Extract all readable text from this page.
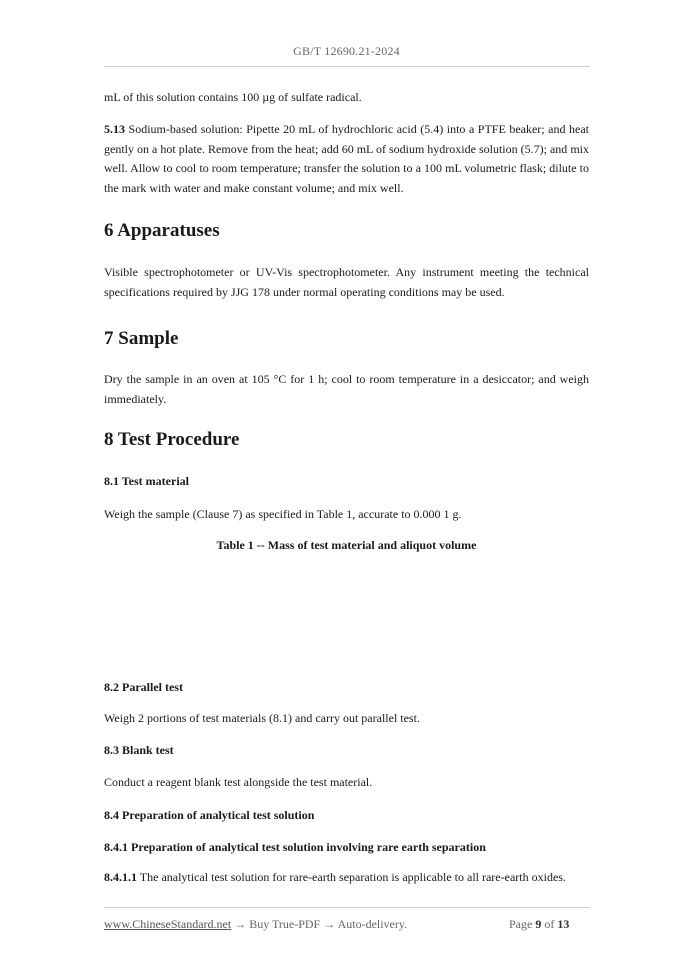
GB/T 12690.21-2024

mL of this solution contains 100 µg of sulfate radical.

5.13 Sodium-based solution: Pipette 20 mL of hydrochloric acid (5.4) into a PTFE beaker; and heat gently on a hot plate. Remove from the heat; add 60 mL of sodium hydroxide solution (5.7); and mix well. Allow to cool to room temperature; transfer the solution to a 100 mL volumetric flask; dilute to the mark with water and make constant volume; and mix well.

6 Apparatuses

Visible spectrophotometer or UV-Vis spectrophotometer. Any instrument meeting the technical specifications required by JJG 178 under normal operating conditions may be used.

7 Sample

Dry the sample in an oven at 105 °C for 1 h; cool to room temperature in a desiccator; and weigh immediately.

8 Test Procedure
8.1 Test material

Weigh the sample (Clause 7) as specified in Table 1, accurate to 0.000 1 g.

Table 1 -- Mass of test material and aliquot volume

8.2 Parallel test

Weigh 2 portions of test materials (8.1) and carry out parallel test.

8.3 Blank test

Conduct a reagent blank test alongside the test material.

8.4 Preparation of analytical test solution
8.4.1 Preparation of analytical test solution involving rare earth separation

8.4.1.1 The analytical test solution for rare-earth separation is applicable to all rare-earth oxides.

www.ChineseStandard.net → Buy True-PDF → Auto-delivery.	Page 9 of 13
